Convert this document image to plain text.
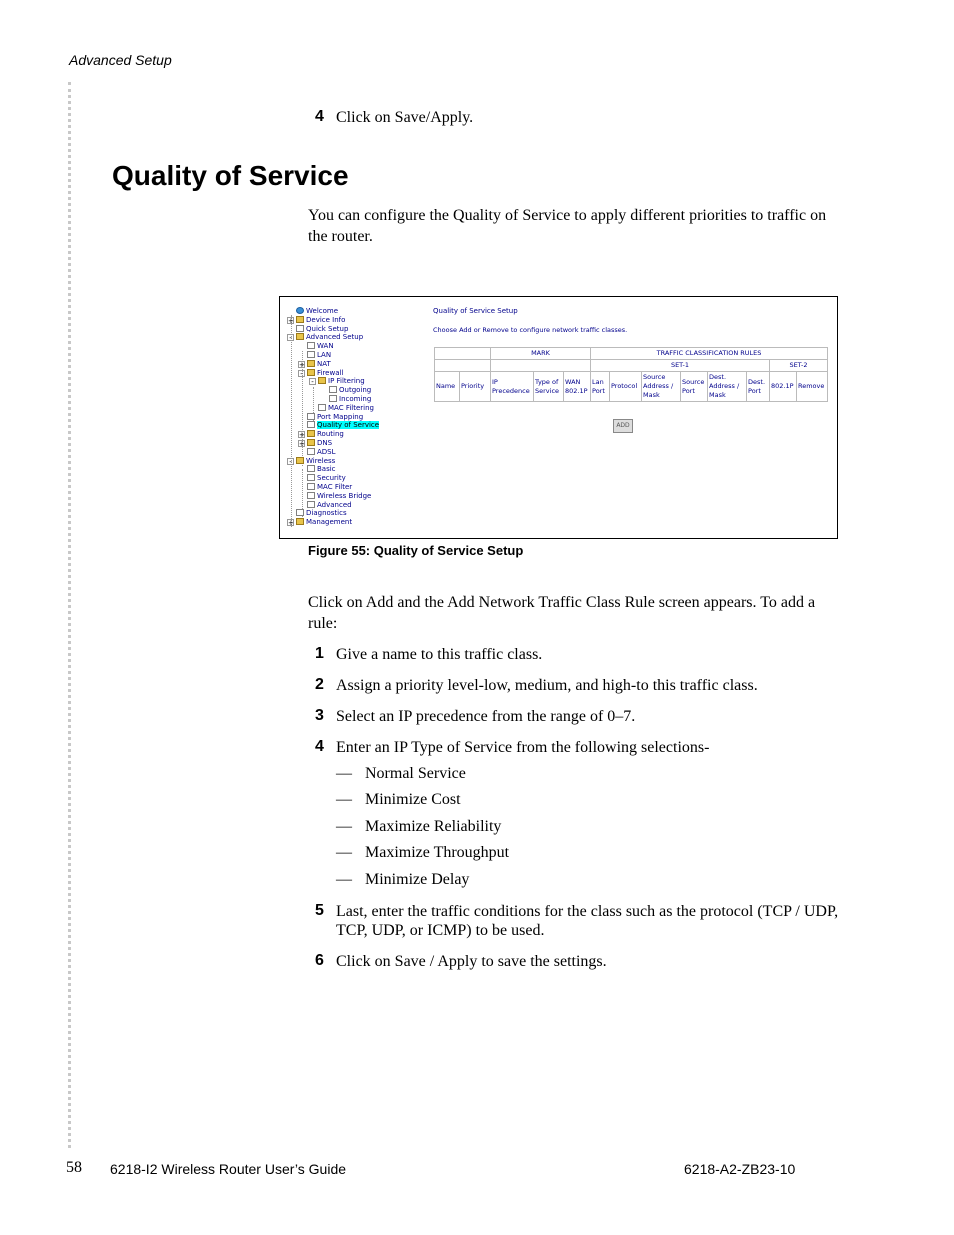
Advanced Setup
4 Click on Save/Apply.
Quality of Service
You can configure the Quality of Service to apply different priorities to traffic on the router.
Welcome
Device Info
+
Quick Setup
Advanced Setup
-
WAN
LAN
NAT
+
Firewall
-
IP Filtering
-
Outgoing
Incoming
MAC Filtering
Port Mapping
Quality of Service
Routing
+
DNS
+
ADSL
Wireless
-
Basic
Security
MAC Filter
Wireless Bridge
Advanced
Diagnostics
Management
+
Quality of Service Setup
Choose Add or Remove to configure network traffic classes.
		MARK			TRAFFIC CLASSIFICATION RULES							
					SET-1						SET-2	
Name	Priority	IP Precedence	Type of Service	WAN 802.1P	Lan Port	Protocol	Source Address / Mask	Source Port	Dest. Address / Mask	Dest. Port	802.1P	Remove
ADD
Figure 55: Quality of Service Setup
Click on Add and the Add Network Traffic Class Rule screen appears. To add a rule:
1 Give a name to this traffic class.
2 Assign a priority level-low, medium, and high-to this traffic class.
3 Select an IP precedence from the range of 0–7.
4 Enter an IP Type of Service from the following selections-
— Normal Service
— Minimize Cost
— Maximize Reliability
— Maximize Throughput
— Minimize Delay
5 Last, enter the traffic conditions for the class such as the protocol (TCP / UDP, TCP, UDP, or ICMP) to be used.
6 Click on Save / Apply to save the settings.
58 6218-I2 Wireless Router User’s Guide	6218-A2-ZB23-10
